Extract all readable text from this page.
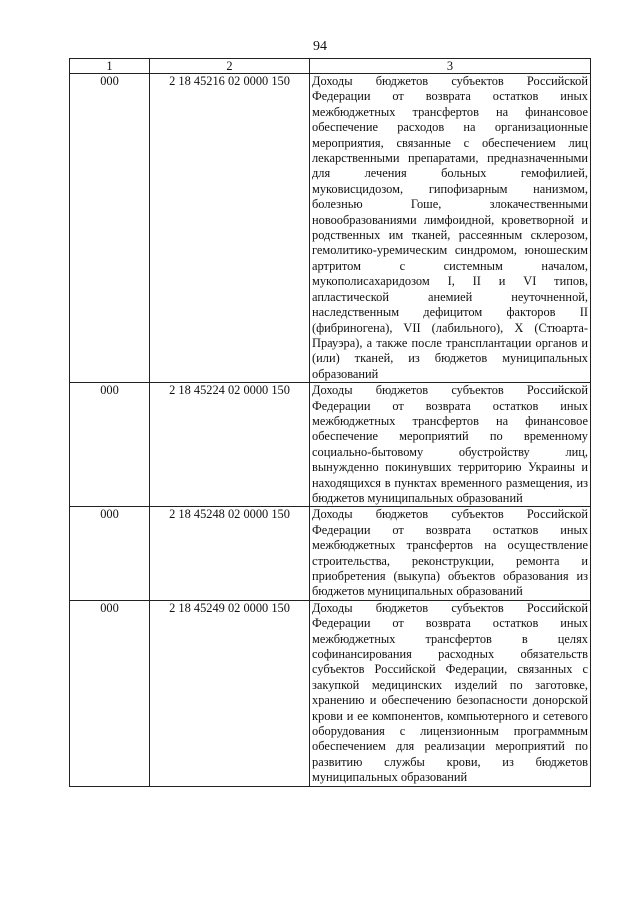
94
1	2	3
000	2 18 45216 02 0000 150	Доходы бюджетов субъектов Российской Федерации от возврата остатков иных межбюджетных трансфертов на финансовое обеспечение расходов на организационные мероприятия, связанные с обеспечением лиц лекарственными препаратами, предназначенными для лечения больных гемофилией, муковисцидозом, гипофизарным нанизмом, болезнью Гоше, злокачественными новообразованиями лимфоидной, кроветворной и родственных им тканей, рассеянным склерозом, гемолитико-уремическим синдромом, юношеским артритом с системным началом, мукополисахаридозом I, II и VI типов, апластической анемией неуточненной, наследственным дефицитом факторов II (фибриногена), VII (лабильного), X (Стюарта-Прауэра), а также после трансплантации органов и (или) тканей, из бюджетов муниципальных образований
000	2 18 45224 02 0000 150	Доходы бюджетов субъектов Российской Федерации от возврата остатков иных межбюджетных трансфертов на финансовое обеспечение мероприятий по временному социально-бытовому обустройству лиц, вынужденно покинувших территорию Украины и находящихся в пунктах временного размещения, из бюджетов муниципальных образований
000	2 18 45248 02 0000 150	Доходы бюджетов субъектов Российской Федерации от возврата остатков иных межбюджетных трансфертов на осуществление строительства, реконструкции, ремонта и приобретения (выкупа) объектов образования из бюджетов муниципальных образований
000	2 18 45249 02 0000 150	Доходы бюджетов субъектов Российской Федерации от возврата остатков иных межбюджетных трансфертов в целях софинансирования расходных обязательств субъектов Российской Федерации, связанных с закупкой медицинских изделий по заготовке, хранению и обеспечению безопасности донорской крови и ее компонентов, компьютерного и сетевого оборудования с лицензионным программным обеспечением для реализации мероприятий по развитию службы крови, из бюджетов муниципальных образований
